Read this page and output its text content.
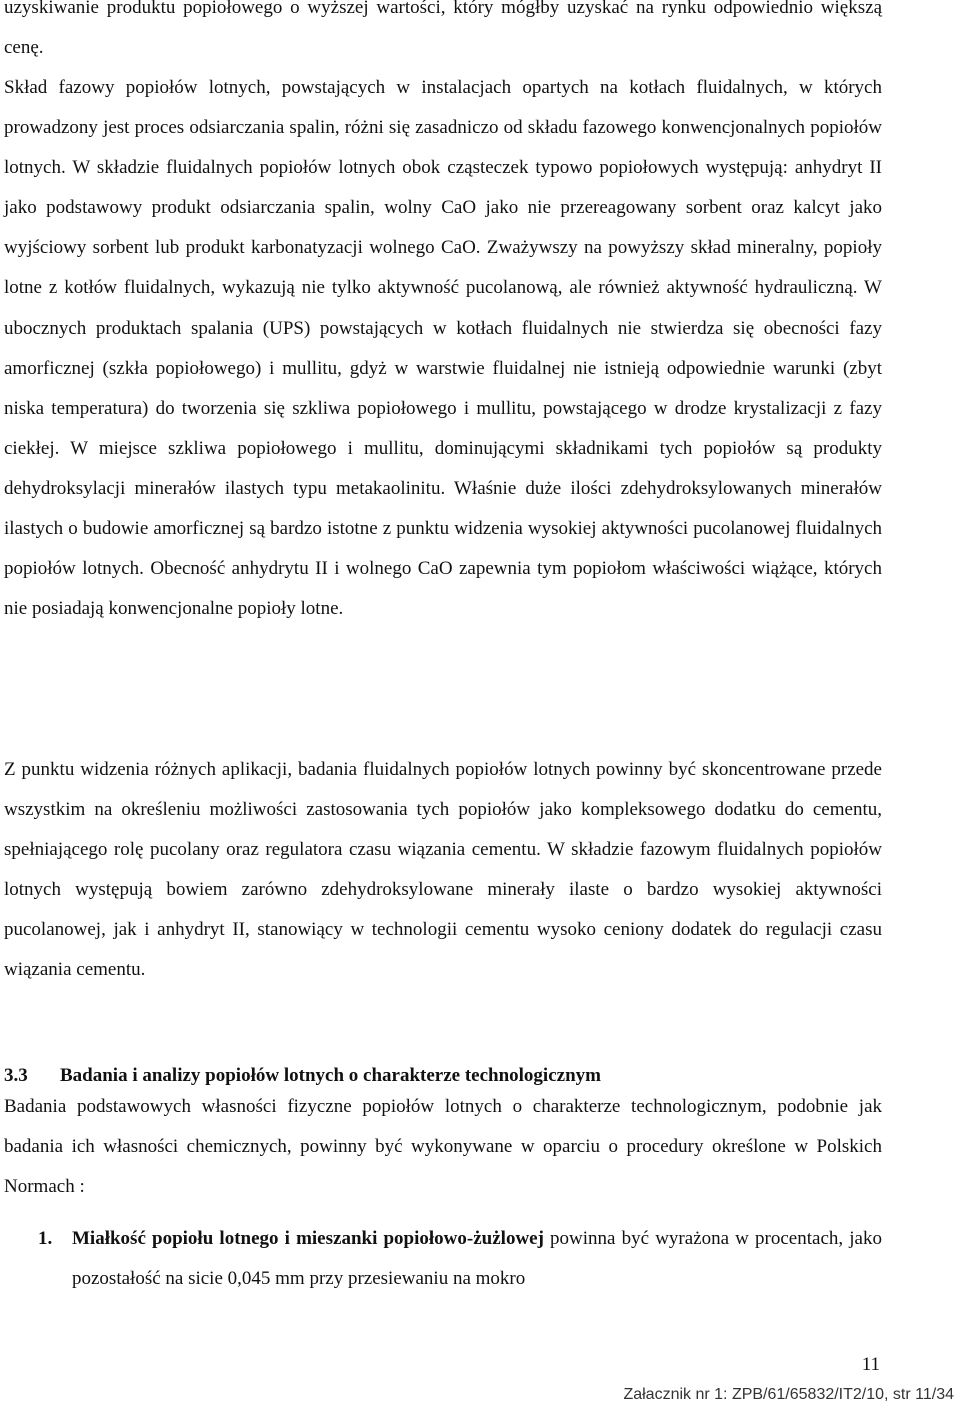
uzyskiwanie produktu popiołowego o wyższej wartości, który mógłby uzyskać na rynku odpowiednio większą cenę.

Skład fazowy popiołów lotnych, powstających w instalacjach opartych na kotłach fluidalnych, w których prowadzony jest proces odsiarczania spalin, różni się zasadniczo od składu fazowego konwencjonalnych popiołów lotnych. W składzie fluidalnych popiołów lotnych obok cząsteczek typowo popiołowych występują: anhydryt II jako podstawowy produkt odsiarczania spalin, wolny CaO jako nie przereagowany sorbent oraz kalcyt jako wyjściowy sorbent lub produkt karbonatyzacji wolnego CaO. Zważywszy na powyższy skład mineralny, popioły lotne z kotłów fluidalnych, wykazują nie tylko aktywność pucolanową, ale również aktywność hydrauliczną. W ubocznych produktach spalania (UPS) powstających w kotłach fluidalnych nie stwierdza się obecności fazy amorficznej (szkła popiołowego) i mullitu, gdyż w warstwie fluidalnej nie istnieją odpowiednie warunki (zbyt niska temperatura) do tworzenia się szkliwa popiołowego i mullitu, powstającego w drodze krystalizacji z fazy ciekłej. W miejsce szkliwa popiołowego i mullitu, dominującymi składnikami tych popiołów są produkty dehydroksylacji minerałów ilastych typu metakaolinitu. Właśnie duże ilości zdehydroksylowanych minerałów ilastych o budowie amorficznej są bardzo istotne z punktu widzenia wysokiej aktywności pucolanowej fluidalnych popiołów lotnych. Obecność anhydrytu II i wolnego CaO zapewnia tym popiołom właściwości wiążące, których nie posiadają konwencjonalne popioły lotne.

Z punktu widzenia różnych aplikacji, badania fluidalnych popiołów lotnych powinny być skoncentrowane przede wszystkim na określeniu możliwości zastosowania tych popiołów jako kompleksowego dodatku do cementu, spełniającego rolę pucolany oraz regulatora czasu wiązania cementu. W składzie fazowym fluidalnych popiołów lotnych występują bowiem zarówno zdehydroksylowane minerały ilaste o bardzo wysokiej aktywności pucolanowej, jak i anhydryt II, stanowiący w technologii cementu wysoko ceniony dodatek do regulacji czasu wiązania cementu.

3.3 Badania i analizy popiołów lotnych o charakterze technologicznym

Badania podstawowych własności fizyczne popiołów lotnych o charakterze technologicznym, podobnie jak badania ich własności chemicznych, powinny być wykonywane w oparciu o procedury określone w Polskich Normach :

1.	Miałkość popiołu lotnego i mieszanki popiołowo-żużlowej powinna być wyrażona w procentach, jako pozostałość na sicie 0,045 mm przy przesiewaniu na mokro
11
Załacznik nr 1: ZPB/61/65832/IT2/10, str 11/34
